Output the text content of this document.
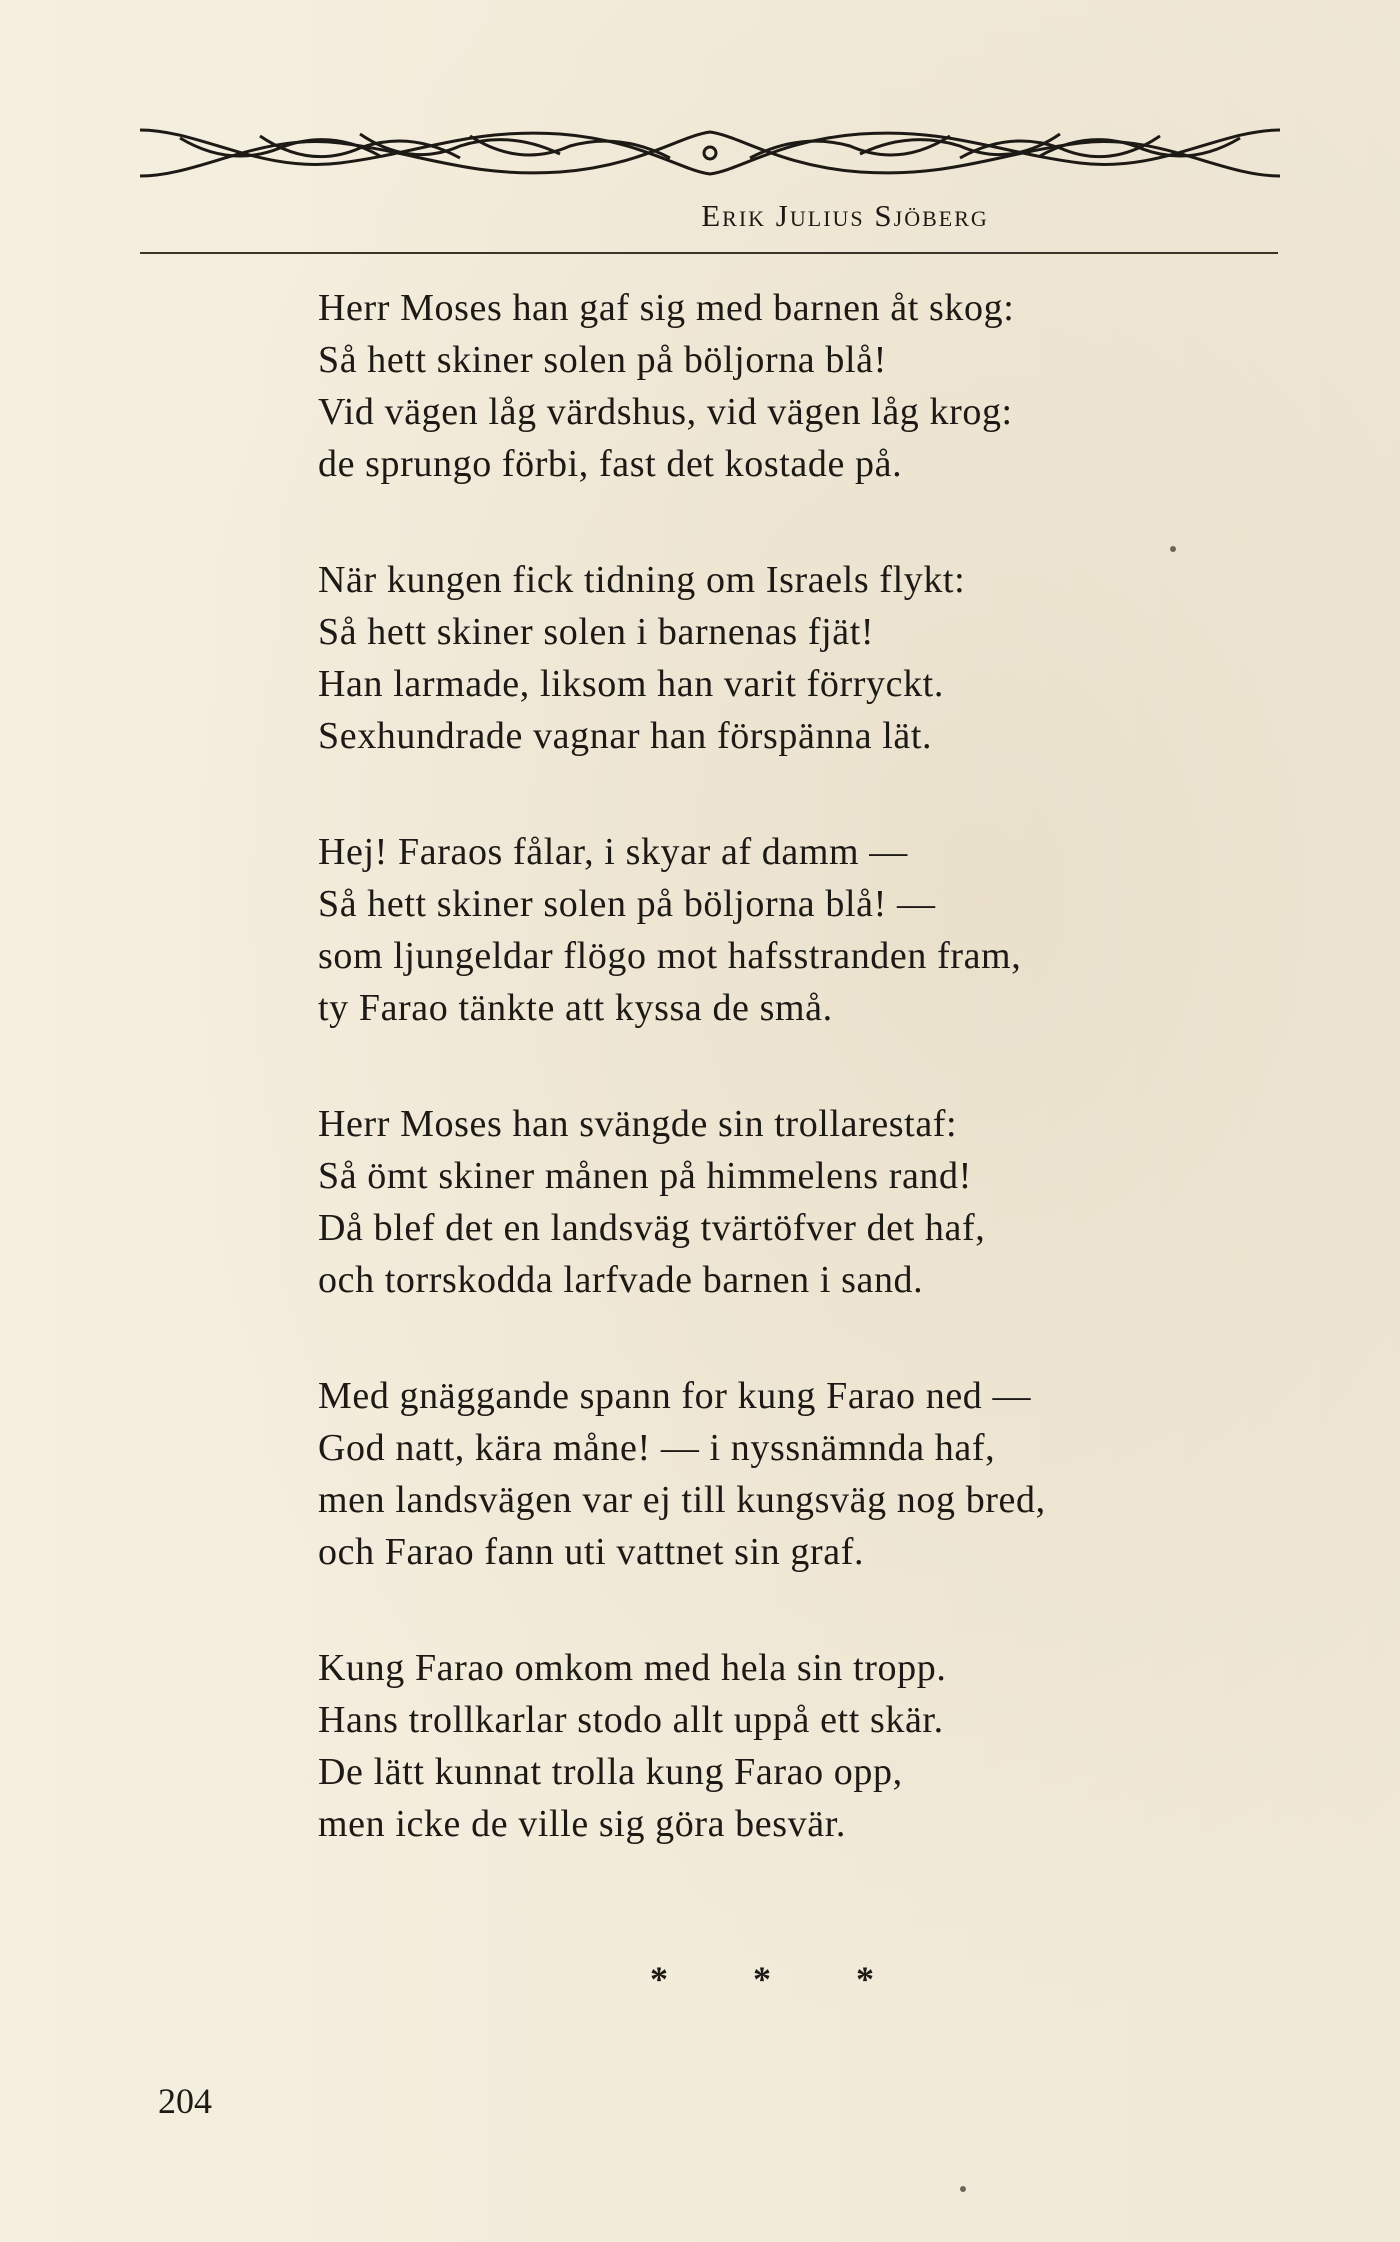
Erik Julius Sjöberg
Herr Moses han gaf sig med barnen åt skog:
Så hett skiner solen på böljorna blå!
Vid vägen låg värdshus, vid vägen låg krog:
de sprungo förbi, fast det kostade på.
När kungen fick tidning om Israels flykt:
Så hett skiner solen i barnenas fjät!
Han larmade, liksom han varit förryckt.
Sexhundrade vagnar han förspänna lät.
Hej! Faraos fålar, i skyar af damm —
Så hett skiner solen på böljorna blå! —
som ljungeldar flögo mot hafsstranden fram,
ty Farao tänkte att kyssa de små.
Herr Moses han svängde sin trollarestaf:
Så ömt skiner månen på himmelens rand!
Då blef det en landsväg tvärtöfver det haf,
och torrskodda larfvade barnen i sand.
Med gnäggande spann for kung Farao ned —
God natt, kära måne! — i nyssnämnda haf,
men landsvägen var ej till kungsväg nog bred,
och Farao fann uti vattnet sin graf.
Kung Farao omkom med hela sin tropp.
Hans trollkarlar stodo allt uppå ett skär.
De lätt kunnat trolla kung Farao opp,
men icke de ville sig göra besvär.
* * *
204
